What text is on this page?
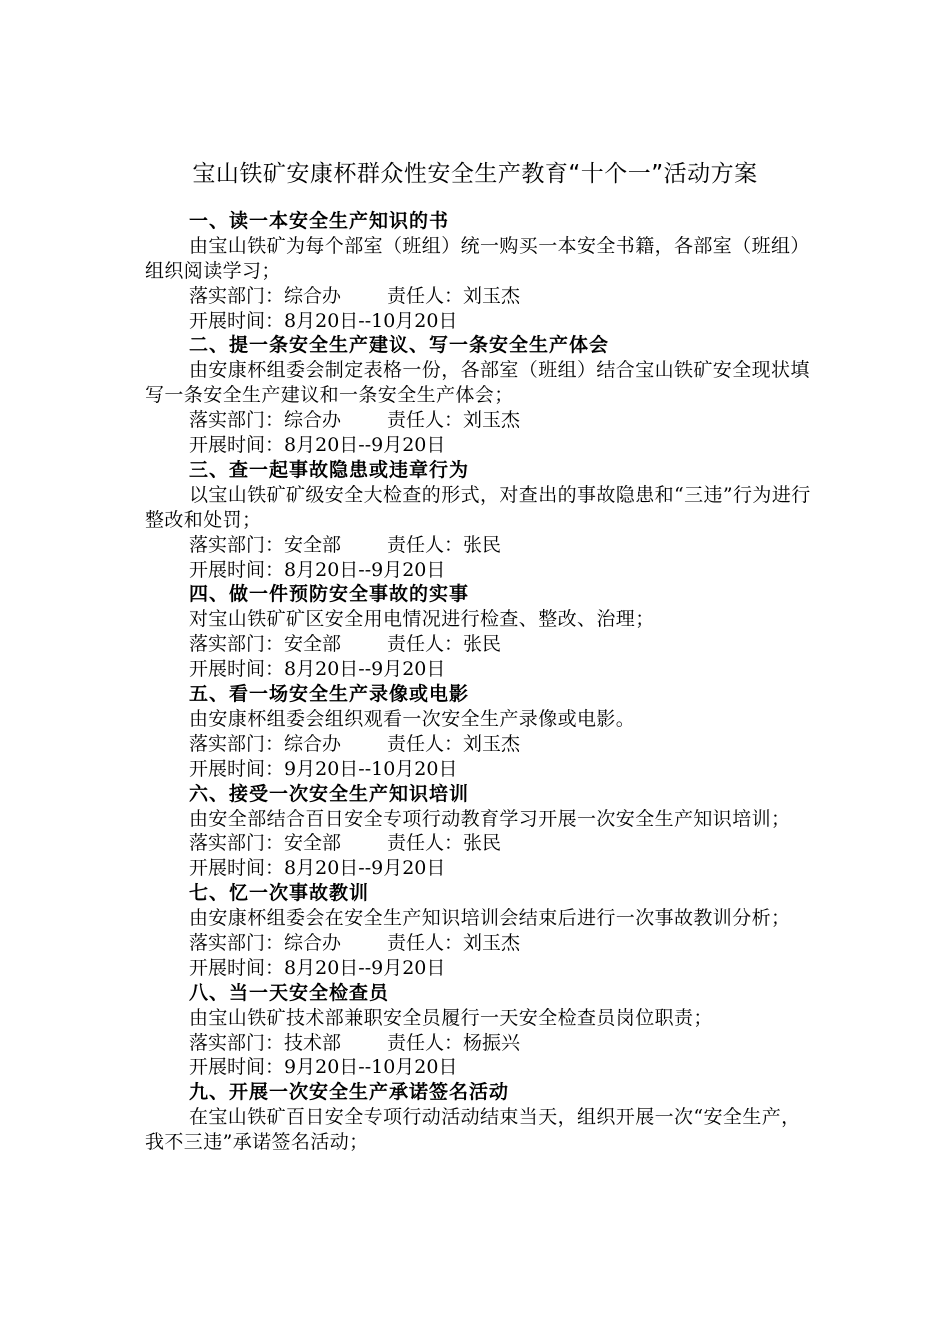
宝山铁矿安康杯群众性安全生产教育“十个一”活动方案
一、读一本安全生产知识的书
由宝山铁矿为每个部室（班组）统一购买一本安全书籍，各部室（班组）组织阅读学习；
落实部门：综合办 责任人：刘玉杰
开展时间：8月20日--10月20日
二、提一条安全生产建议、写一条安全生产体会
由安康杯组委会制定表格一份，各部室（班组）结合宝山铁矿安全现状填写一条安全生产建议和一条安全生产体会；
落实部门：综合办 责任人：刘玉杰
开展时间：8月20日--9月20日
三、查一起事故隐患或违章行为
以宝山铁矿矿级安全大检查的形式，对查出的事故隐患和“三违”行为进行整改和处罚；
落实部门：安全部 责任人：张民
开展时间：8月20日--9月20日
四、做一件预防安全事故的实事
对宝山铁矿矿区安全用电情况进行检查、整改、治理；
落实部门：安全部 责任人：张民
开展时间：8月20日--9月20日
五、看一场安全生产录像或电影
由安康杯组委会组织观看一次安全生产录像或电影。
落实部门：综合办 责任人：刘玉杰
开展时间：9月20日--10月20日
六、接受一次安全生产知识培训
由安全部结合百日安全专项行动教育学习开展一次安全生产知识培训；
落实部门：安全部 责任人：张民
开展时间：8月20日--9月20日
七、忆一次事故教训
由安康杯组委会在安全生产知识培训会结束后进行一次事故教训分析；
落实部门：综合办 责任人：刘玉杰
开展时间：8月20日--9月20日
八、当一天安全检查员
由宝山铁矿技术部兼职安全员履行一天安全检查员岗位职责；
落实部门：技术部 责任人：杨振兴
开展时间：9月20日--10月20日
九、开展一次安全生产承诺签名活动
在宝山铁矿百日安全专项行动活动结束当天，组织开展一次“安全生产，我不三违”承诺签名活动；
